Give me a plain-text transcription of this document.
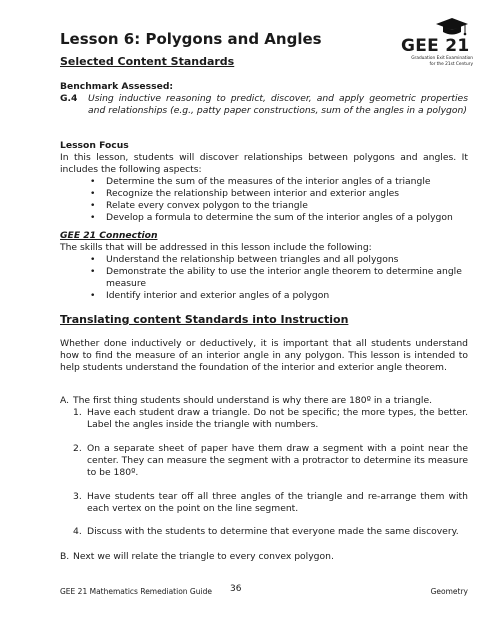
Lesson 6: Polygons and Angles	GEE 21
Graduation Exit Examination
for the 21st Century
Selected Content Standards
Benchmark Assessed:
G.4 Using inductive reasoning to predict, discover, and apply geometric properties and relationships (e.g., patty paper constructions, sum of the angles in a polygon)
Lesson Focus
In this lesson, students will discover relationships between polygons and angles. It includes the following aspects:
• Determine the sum of the measures of the interior angles of a triangle
• Recognize the relationship between interior and exterior angles
• Relate every convex polygon to the triangle
• Develop a formula to determine the sum of the interior angles of a polygon
GEE 21 Connection
The skills that will be addressed in this lesson include the following:
• Understand the relationship between triangles and all polygons
• Demonstrate the ability to use the interior angle theorem to determine angle measure
• Identify interior and exterior angles of a polygon
Translating content Standards into Instruction
Whether done inductively or deductively, it is important that all students understand how to find the measure of an interior angle in any polygon. This lesson is intended to help students understand the foundation of the interior and exterior angle theorem.
A. The first thing students should understand is why there are 180º in a triangle.
1. Have each student draw a triangle. Do not be specific; the more types, the better. Label the angles inside the triangle with numbers.
2. On a separate sheet of paper have them draw a segment with a point near the center. They can measure the segment with a protractor to determine its measure to be 180º.
3. Have students tear off all three angles of the triangle and re-arrange them with each vertex on the point on the line segment.
4. Discuss with the students to determine that everyone made the same discovery.
B. Next we will relate the triangle to every convex polygon.
GEE 21 Mathematics Remediation Guide 36	Geometry
